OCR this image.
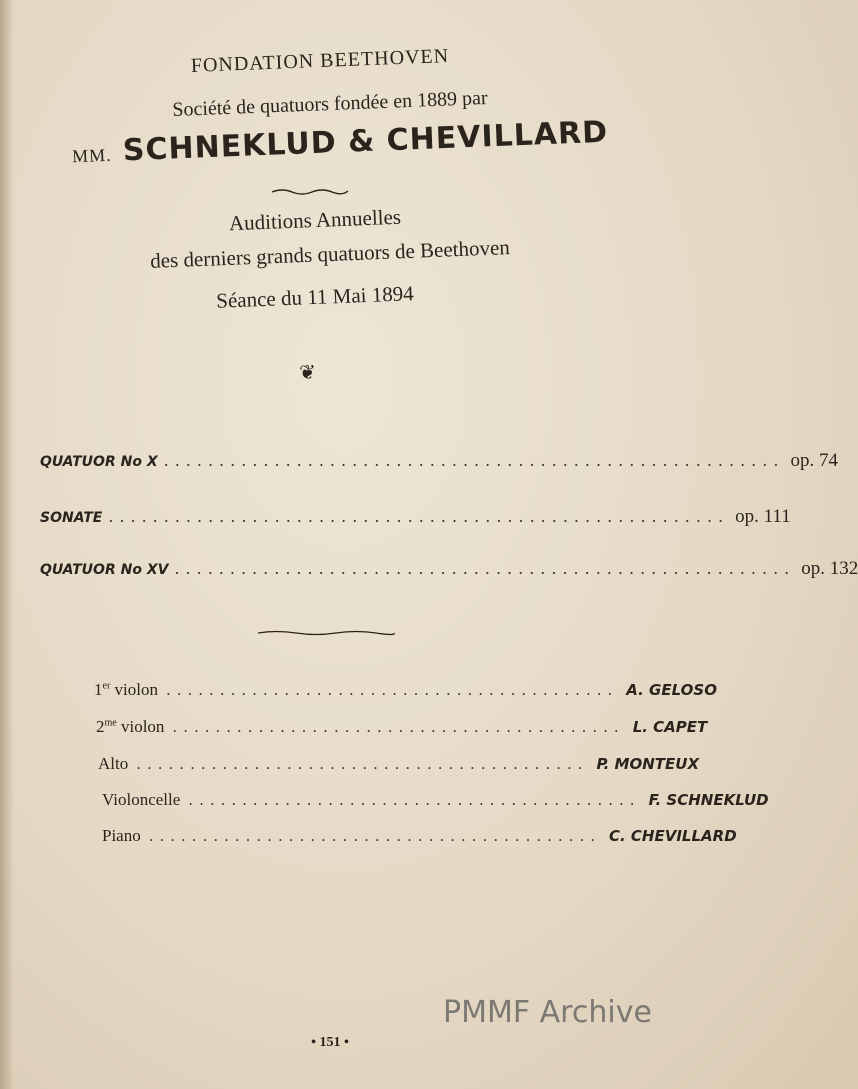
FONDATION BEETHOVEN
Société de quatuors fondée en 1889 par
MM. SCHNEKLUD & CHEVILLARD
Auditions Annuelles
des derniers grands quatuors de Beethoven
Séance du 11 Mai 1894
❦
QUATUOR No X ........................................................ op. 74
SONATE ........................................................ op. 111
QUATUOR No XV ........................................................ op. 132
1er violon .......................................... A. GELOSO
$2^{me}$ violon .......................................... L. CAPET
Alto .......................................... P. MONTEUX
Violoncelle .......................................... F. SCHNEKLUD
Piano .......................................... C. CHEVILLARD
PMMF Archive
• 151 •
